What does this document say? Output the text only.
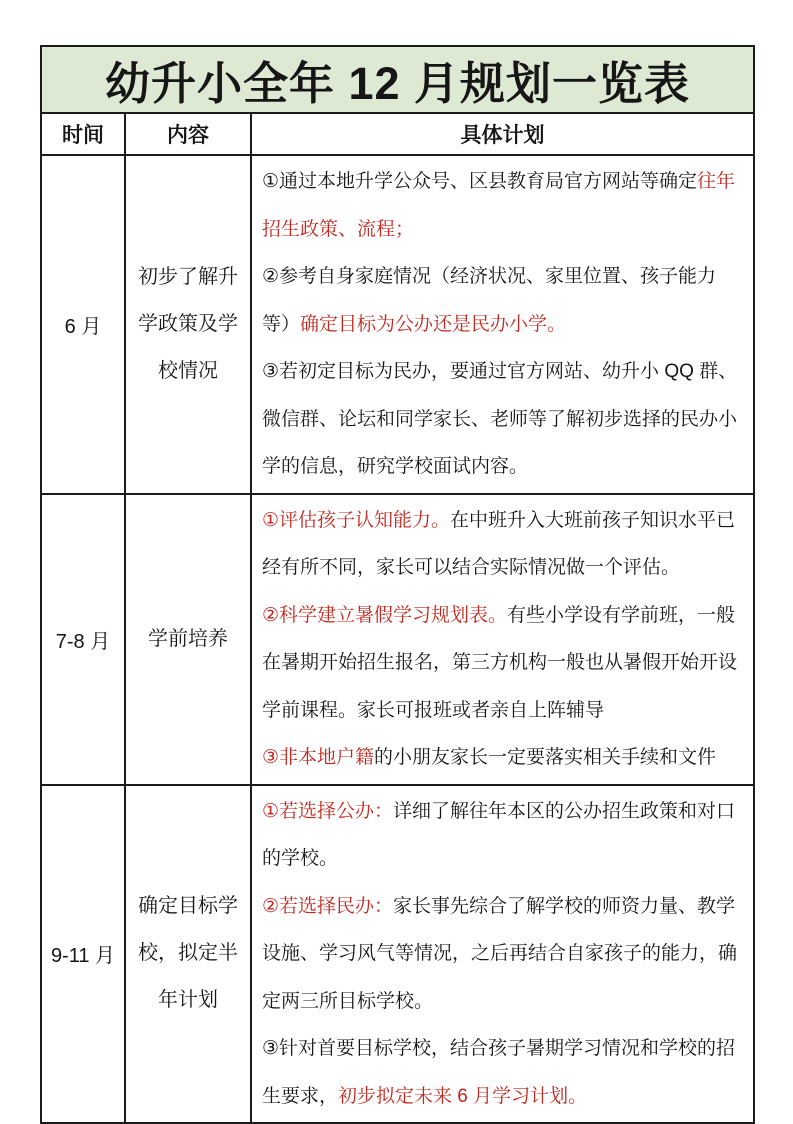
幼升小全年 12 月规划一览表		
时间	内容	具体计划
6 月	初步了解升学政策及学校情况	①通过本地升学公众号、区县教育局官方网站等确定往年招生政策、流程；

②参考自身家庭情况（经济状况、家里位置、孩子能力等）确定目标为公办还是民办小学。

③若初定目标为民办，要通过官方网站、幼升小 QQ 群、微信群、论坛和同学家长、老师等了解初步选择的民办小学的信息，研究学校面试内容。

7-8 月	学前培养	①评估孩子认知能力。在中班升入大班前孩子知识水平已经有所不同，家长可以结合实际情况做一个评估。

②科学建立暑假学习规划表。有些小学设有学前班，一般在暑期开始招生报名，第三方机构一般也从暑假开始开设学前课程。家长可报班或者亲自上阵辅导

③非本地户籍的小朋友家长一定要落实相关手续和文件

9-11 月	确定目标学校，拟定半年计划	①若选择公办：详细了解往年本区的公办招生政策和对口的学校。

②若选择民办：家长事先综合了解学校的师资力量、教学设施、学习风气等情况，之后再结合自家孩子的能力，确定两三所目标学校。

③针对首要目标学校，结合孩子暑期学习情况和学校的招生要求，初步拟定未来 6 月学习计划。
